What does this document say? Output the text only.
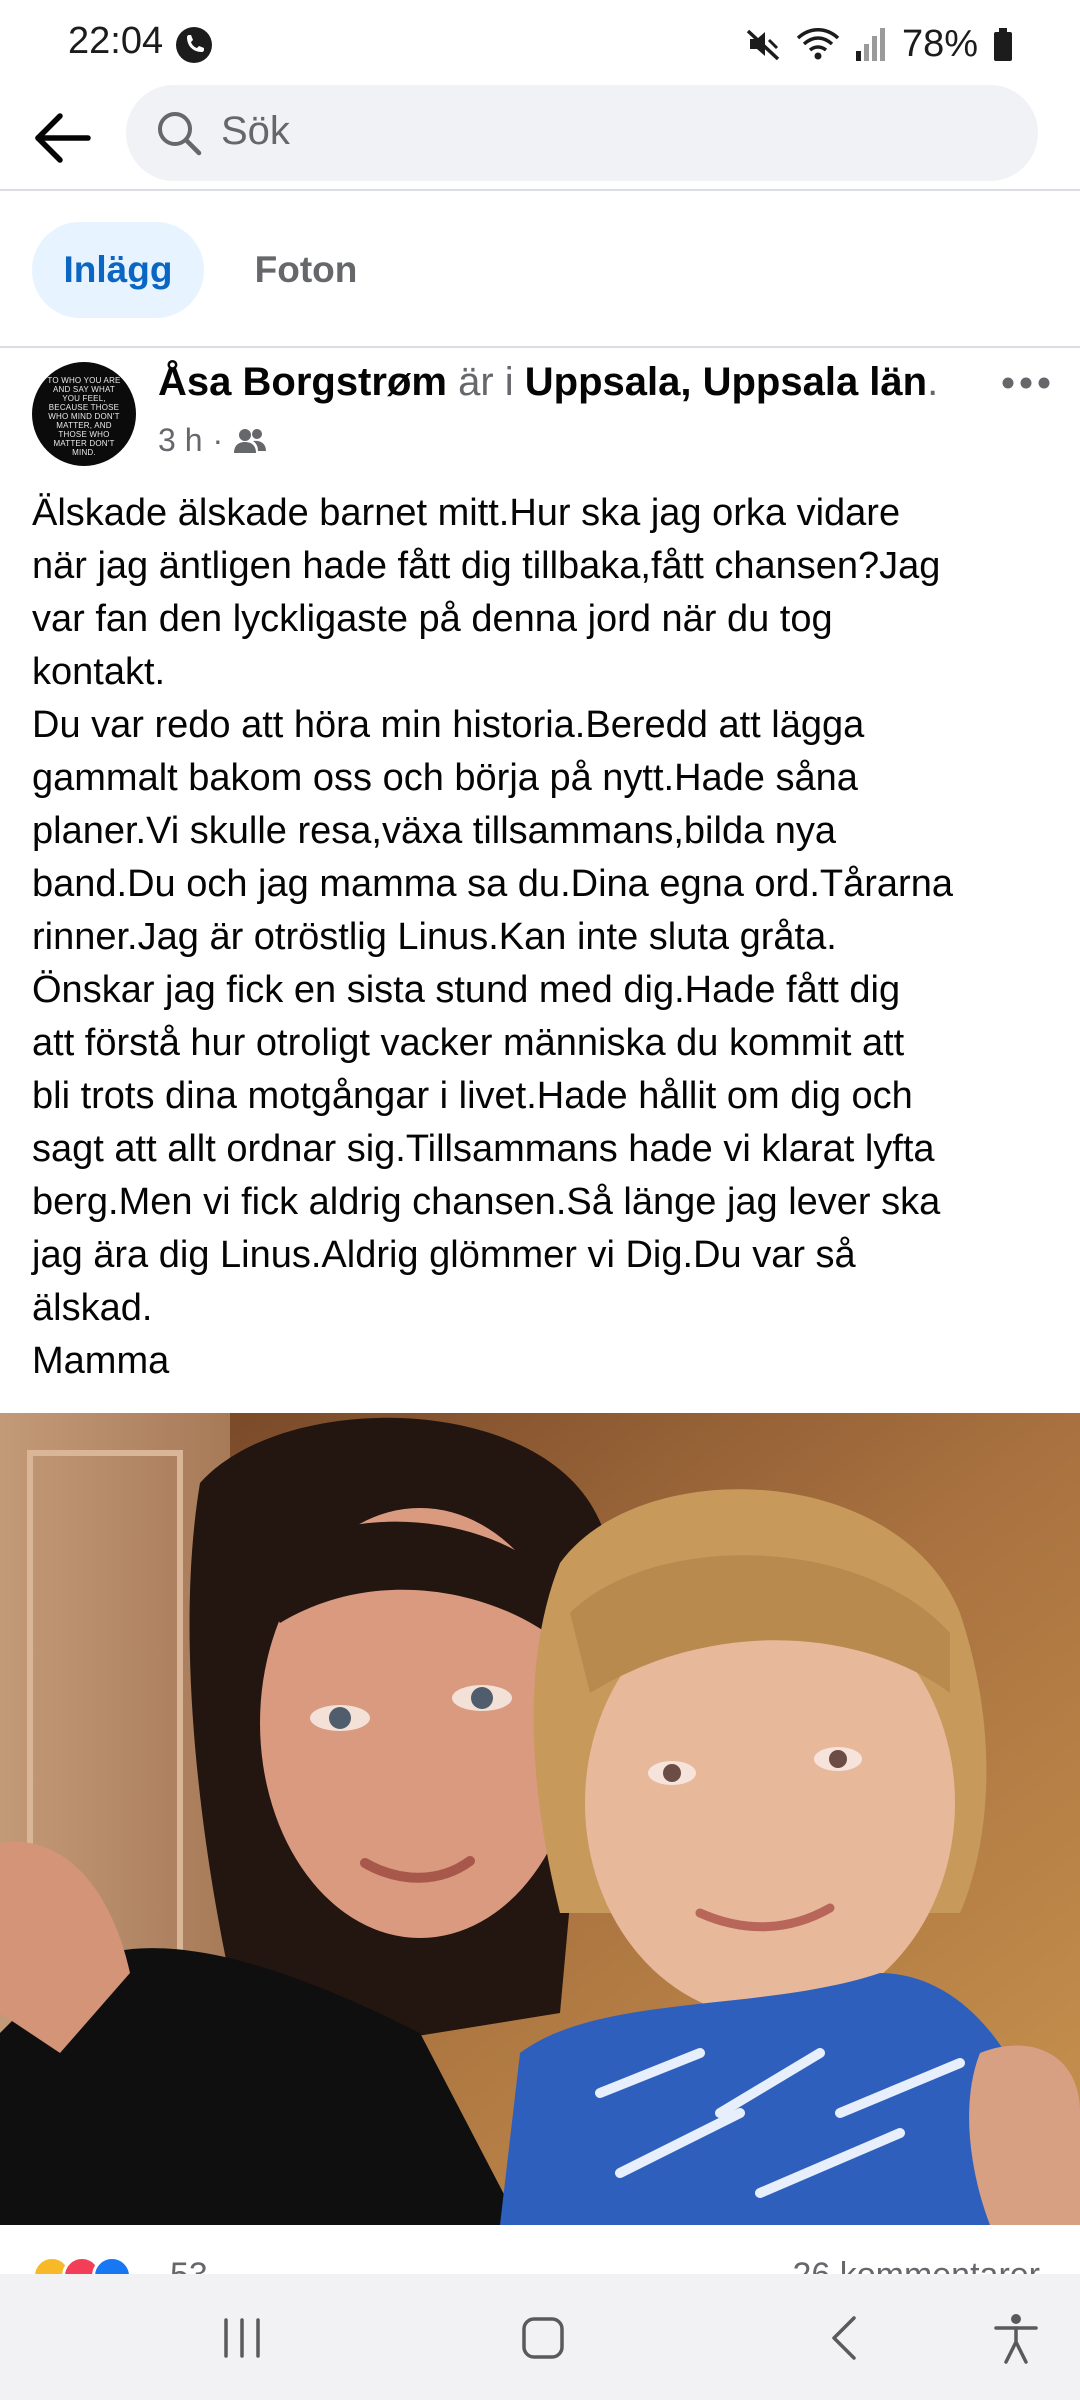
22:04	78%
Sök
Inlägg	Foton
TO WHO YOU ARE AND SAY WHAT YOU FEEL, BECAUSE THOSE WHO MIND DON'T MATTER, AND THOSE WHO MATTER DON'T MIND.
Åsa Borgstrøm är i Uppsala, Uppsala län.
3 h ·

Älskade älskade barnet mitt.Hur ska jag orka vidare

när jag äntligen hade fått dig tillbaka,fått chansen?Jag

var fan den lyckligaste på denna jord när du tog

kontakt.

Du var redo att höra min historia.Beredd att lägga

gammalt bakom oss och börja på nytt.Hade såna

planer.Vi skulle resa,växa tillsammans,bilda nya

band.Du och jag mamma sa du.Dina egna ord.Tårarna

rinner.Jag är otröstlig Linus.Kan inte sluta gråta.

Önskar jag fick en sista stund med dig.Hade fått dig

att förstå hur otroligt vacker människa du kommit att

bli trots dina motgångar i livet.Hade hållit om dig och

sagt att allt ordnar sig.Tillsammans hade vi klarat lyfta

berg.Men vi fick aldrig chansen.Så länge jag lever ska

jag ära dig Linus.Aldrig glömmer vi Dig.Du var så

älskad.

Mamma
